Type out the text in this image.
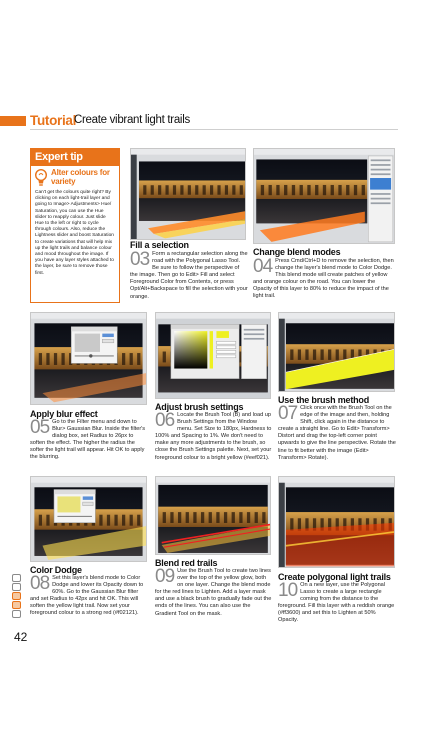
Tutorial
Create vibrant light trails
Expert tip
Alter colours for variety
Can't get the colours quite right? By clicking on each light-trail layer and going to Image> Adjustments> Hue/ Saturation, you can use the Hue slider to reapply colour. Just slide Hue to the left or right to cycle through colours. Also, reduce the Lightness slider and boost Saturation to create variations that will help mix up the light trails and balance colour and mood throughout the image. If you have any layer styles attached to the layer, be sure to remove those first.
Fill a selection
03 Form a rectangular selection along the road with the Polygonal Lasso Tool. Be sure to follow the perspective of the image. Then go to Edit> Fill and select Foreground Color from Contents, or press Opt/Alt+Backspace to fill the selection with your orange.
Change blend modes
04 Press Cmd/Ctrl+D to remove the selection, then change the layer's blend mode to Color Dodge. This blend mode will create patches of yellow and orange colour on the road. You can lower the Opacity of this layer to 80% to reduce the impact of the light trail.
Apply blur effect
05 Go to the Filter menu and down to Blur> Gaussian Blur. Inside the filter's dialog box, set Radius to 26px to soften the effect. The higher the radius the softer the light trail will appear. Hit OK to apply the blurring.
Adjust brush settings
06 Locate the Brush Tool (B) and load up Brush Settings from the Window menu. Set Size to 180px, Hardness to 100% and Spacing to 1%. We don't need to make any more adjustments to the brush, so close the Brush Settings palette. Next, set your foreground colour to a bright yellow (#eef021).
Use the brush method
07 Click once with the Brush Tool on the edge of the image and then, holding Shift, click again in the distance to create a straight line. Go to Edit> Transform> Distort and drag the top-left corner point upwards to give the line perspective. Rotate the line to fit better with the image (Edit> Transform> Rotate).
Color Dodge
08 Set this layer's blend mode to Color Dodge and lower its Opacity down to 60%. Go to the Gaussian Blur filter and set Radius to 42px and hit OK. This will soften the yellow light trail. Now set your foreground colour to a strong red (#f02121).
Blend red trails
09 Use the Brush Tool to create two lines over the top of the yellow glow, both on one layer. Change the blend mode for the red lines to Lighten. Add a layer mask and use a black brush to gradually fade out the ends of the lines. You can also use the Gradient Tool on the mask.
Create polygonal light trails
10 On a new layer, use the Polygonal Lasso to create a large rectangle coming from the distance to the foreground. Fill this layer with a reddish orange (#ff3600) and set this to Lighten at 50% Opacity.
42
